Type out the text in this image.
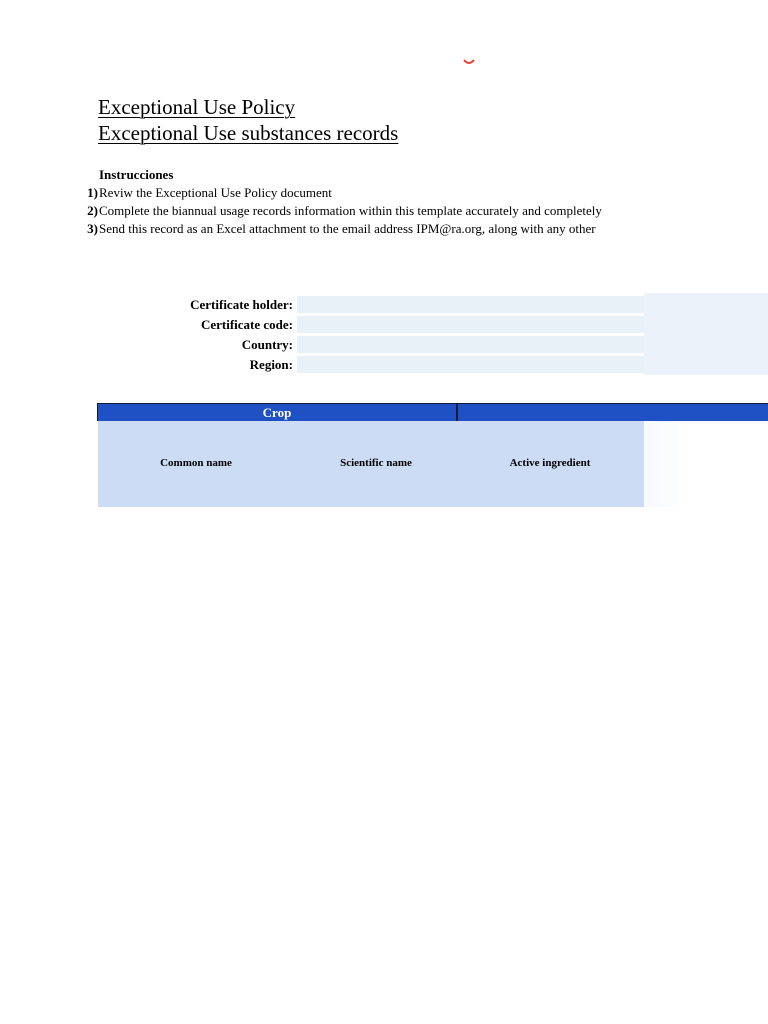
Exceptional Use Policy
Exceptional Use substances records
Instrucciones
1)Reviw the Exceptional Use Policy document
2)Complete the biannual usage records information within this template accurately and completely
3)Send this record as an Excel attachment to the email address IPM@ra.org, along with any other
Certificate holder:
Certificate code:
Country:
Region:
Crop
Common name	Scientific name	Active ingredient
